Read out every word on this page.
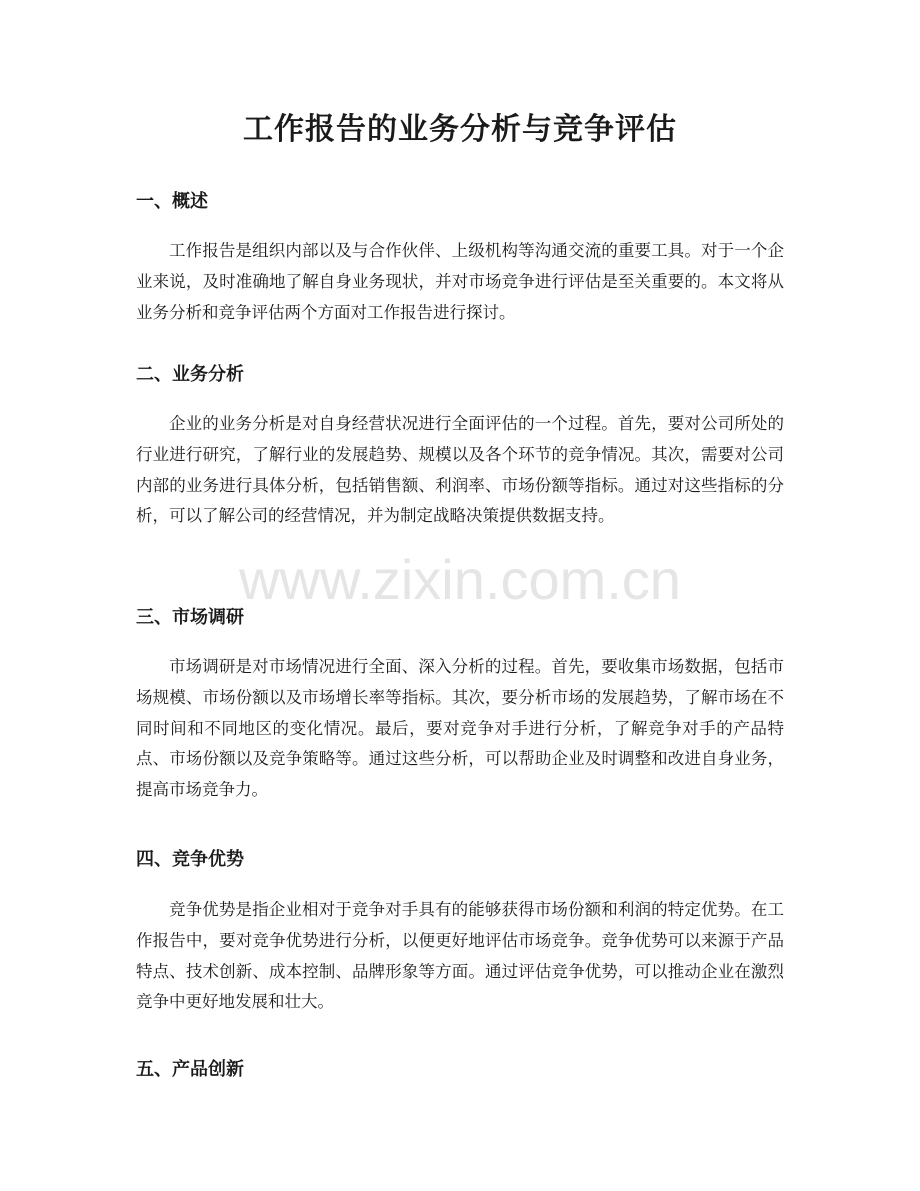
工作报告的业务分析与竞争评估
一、概述

工作报告是组织内部以及与合作伙伴、上级机构等沟通交流的重要工具。对于一个企业来说，及时准确地了解自身业务现状，并对市场竞争进行评估是至关重要的。本文将从业务分析和竞争评估两个方面对工作报告进行探讨。

二、业务分析

企业的业务分析是对自身经营状况进行全面评估的一个过程。首先，要对公司所处的行业进行研究，了解行业的发展趋势、规模以及各个环节的竞争情况。其次，需要对公司内部的业务进行具体分析，包括销售额、利润率、市场份额等指标。通过对这些指标的分析，可以了解公司的经营情况，并为制定战略决策提供数据支持。

三、市场调研

市场调研是对市场情况进行全面、深入分析的过程。首先，要收集市场数据，包括市场规模、市场份额以及市场增长率等指标。其次，要分析市场的发展趋势，了解市场在不同时间和不同地区的变化情况。最后，要对竞争对手进行分析，了解竞争对手的产品特点、市场份额以及竞争策略等。通过这些分析，可以帮助企业及时调整和改进自身业务，提高市场竞争力。

四、竞争优势

竞争优势是指企业相对于竞争对手具有的能够获得市场份额和利润的特定优势。在工作报告中，要对竞争优势进行分析，以便更好地评估市场竞争。竞争优势可以来源于产品特点、技术创新、成本控制、品牌形象等方面。通过评估竞争优势，可以推动企业在激烈竞争中更好地发展和壮大。

五、产品创新
www.zixin.com.cn
